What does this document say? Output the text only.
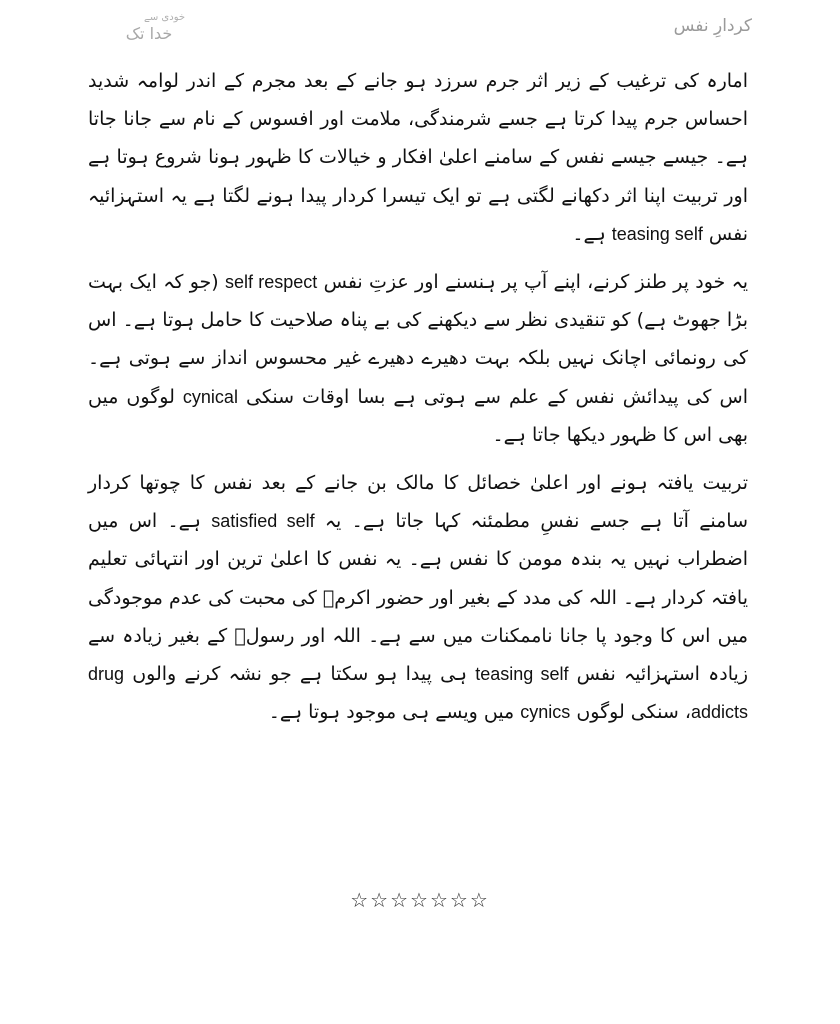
خودی سے
خدا تک	کردارِ نفس

امارہ کی ترغیب کے زیر اثر جرم سرزد ہو جانے کے بعد مجرم کے اندر لوامہ شدید احساس جرم پیدا کرتا ہے جسے شرمندگی، ملامت اور افسوس کے نام سے جانا جاتا ہے۔ جیسے جیسے نفس کے سامنے اعلیٰ افکار و خیالات کا ظہور ہونا شروع ہوتا ہے اور تربیت اپنا اثر دکھانے لگتی ہے تو ایک تیسرا کردار پیدا ہونے لگتا ہے یہ استہزائیہ نفس teasing self ہے۔

یہ خود پر طنز کرنے، اپنے آپ پر ہنسنے اور عزتِ نفس self respect (جو کہ ایک بہت بڑا جھوٹ ہے) کو تنقیدی نظر سے دیکھنے کی بے پناہ صلاحیت کا حامل ہوتا ہے۔ اس کی رونمائی اچانک نہیں بلکہ بہت دھیرے دھیرے غیر محسوس انداز سے ہوتی ہے۔ اس کی پیدائش نفس کے علم سے ہوتی ہے بسا اوقات سنکی cynical لوگوں میں بھی اس کا ظہور دیکھا جاتا ہے۔

تربیت یافتہ ہونے اور اعلیٰ خصائل کا مالک بن جانے کے بعد نفس کا چوتھا کردار سامنے آتا ہے جسے نفسِ مطمئنہ کہا جاتا ہے۔ یہ satisfied self ہے۔ اس میں اضطراب نہیں یہ بندہ مومن کا نفس ہے۔ یہ نفس کا اعلیٰ ترین اور انتہائی تعلیم یافتہ کردار ہے۔ اللہ کی مدد کے بغیر اور حضور اکرمؐ کی محبت کی عدم موجودگی میں اس کا وجود پا جانا ناممکنات میں سے ہے۔ اللہ اور رسولؐ کے بغیر زیادہ سے زیادہ استہزائیہ نفس teasing self ہی پیدا ہو سکتا ہے جو نشہ کرنے والوں drug addicts، سنکی لوگوں cynics میں ویسے ہی موجود ہوتا ہے۔

☆☆☆☆☆☆☆
